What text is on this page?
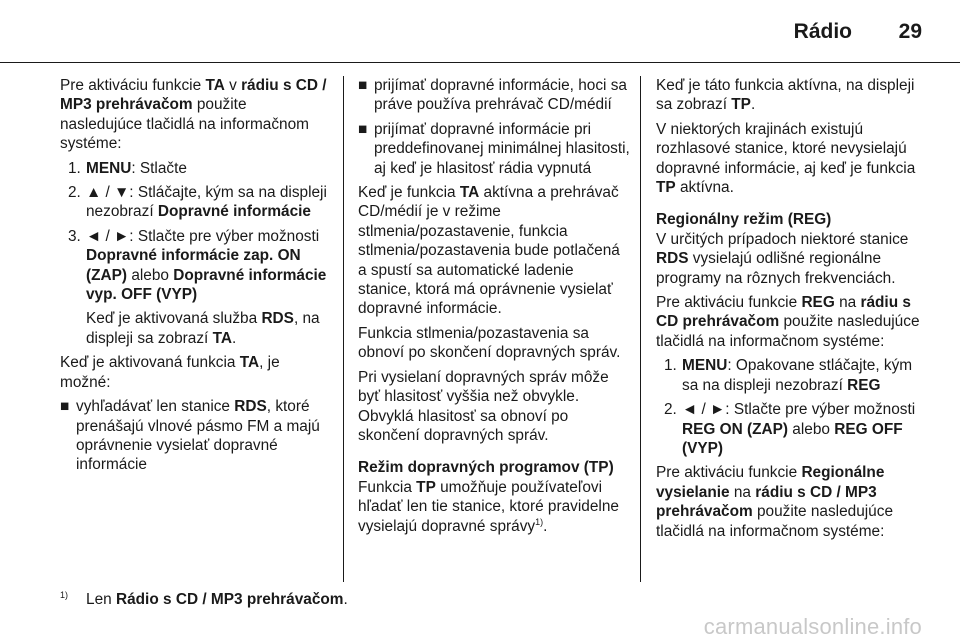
Rádio 29

Pre aktiváciu funkcie TA v rádiu s CD / MP3 prehrávačom použite nasledujúce tlačidlá na informačnom systéme:

1. MENU: Stlačte
2. ▲ / ▼: Stláčajte, kým sa na displeji nezobrazí Dopravné informácie
3. ◄ / ►: Stlačte pre výber možnosti Dopravné informácie zap. ON (ZAP) alebo Dopravné informácie vyp. OFF (VYP)
Keď je aktivovaná služba RDS, na displeji sa zobrazí TA.

Keď je aktivovaná funkcia TA, je možné:

■ vyhľadávať len stanice RDS, ktoré prenášajú vlnové pásmo FM a majú oprávnenie vysielať dopravné informácie
■ prijímať dopravné informácie, hoci sa práve používa prehrávač CD/médií
■ prijímať dopravné informácie pri preddefinovanej minimálnej hlasitosti, aj keď je hlasitosť rádia vypnutá

Keď je funkcia TA aktívna a prehrávač CD/médií je v režime stlmenia/pozastavenie, funkcia stlmenia/pozastavenia bude potlačená a spustí sa automatické ladenie stanice, ktorá má oprávnenie vysielať dopravné informácie.

Funkcia stlmenia/pozastavenia sa obnoví po skončení dopravných správ.

Pri vysielaní dopravných správ môže byť hlasitosť vyššia než obvykle. Obvyklá hlasitosť sa obnoví po skončení dopravných správ.

Režim dopravných programov (TP)

Funkcia TP umožňuje používateľovi hľadať len tie stanice, ktoré pravidelne vysielajú dopravné správy$^{1)}$.

Keď je táto funkcia aktívna, na displeji sa zobrazí TP.

V niektorých krajinách existujú rozhlasové stanice, ktoré nevysielajú dopravné informácie, aj keď je funkcia TP aktívna.

Regionálny režim (REG)

V určitých prípadoch niektoré stanice RDS vysielajú odlišné regionálne programy na rôznych frekvenciách.

Pre aktiváciu funkcie REG na rádiu s CD prehrávačom použite nasledujúce tlačidlá na informačnom systéme:

1. MENU: Opakovane stláčajte, kým sa na displeji nezobrazí REG
2. ◄ / ►: Stlačte pre výber možnosti REG ON (ZAP) alebo REG OFF (VYP)

Pre aktiváciu funkcie Regionálne vysielanie na rádiu s CD / MP3 prehrávačom použite nasledujúce tlačidlá na informačnom systéme:

$^{1)}$ Len Rádio s CD / MP3 prehrávačom.
carmanualsonline.info
